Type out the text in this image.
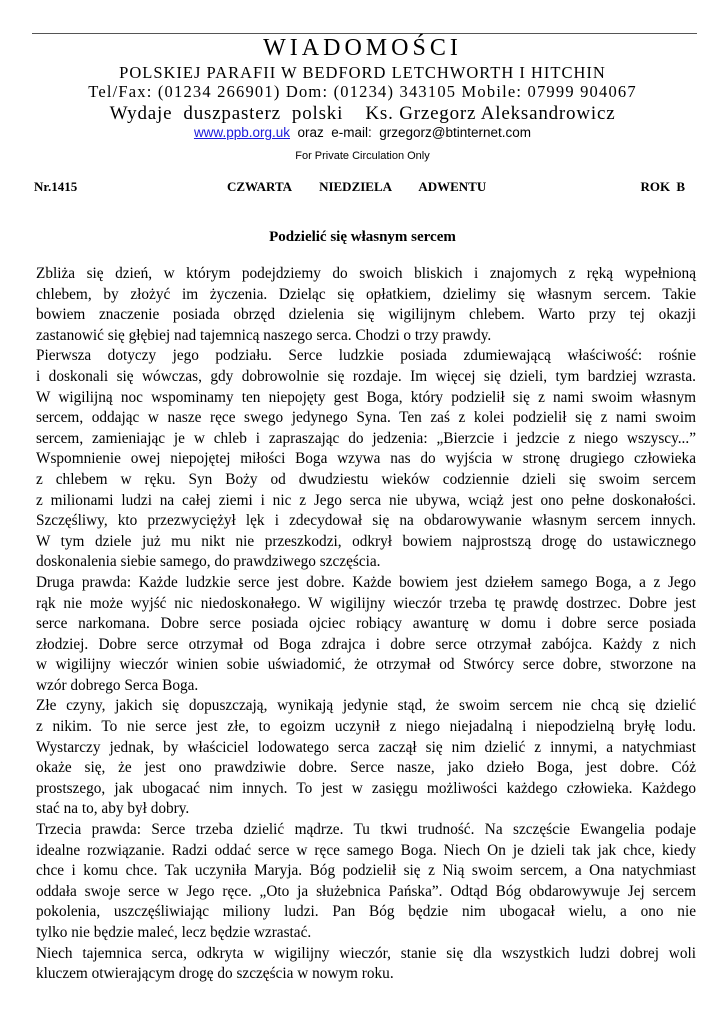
WIADOMOŚCI
POLSKIEJ PARAFII W BEDFORD LETCHWORTH I HITCHIN
Tel/Fax: (01234 266901) Dom: (01234) 343105 Mobile: 07999 904067
Wydaje  duszpasterz  polski    Ks. Grzegorz Aleksandrowicz
www.ppb.org.uk  oraz  e-mail:  grzegorz@btinternet.com
For Private Circulation Only
Nr.1415	CZWARTA   NIEDZIELA   ADWENTU	ROK B
Podzielić się własnym sercem
Zbliża się dzień, w którym podejdziemy do swoich bliskich i znajomych z ręką wypełnioną
chlebem, by złożyć im życzenia. Dzieląc się opłatkiem, dzielimy się własnym sercem. Takie
bowiem znaczenie posiada obrzęd dzielenia się wigilijnym chlebem. Warto przy tej okazji
zastanowić się głębiej nad tajemnicą naszego serca. Chodzi o trzy prawdy.
Pierwsza dotyczy jego podziału. Serce ludzkie posiada zdumiewającą właściwość: rośnie
i doskonali się wówczas, gdy dobrowolnie się rozdaje. Im więcej się dzieli, tym bardziej wzrasta.
W wigilijną noc wspominamy ten niepojęty gest Boga, który podzielił się z nami swoim własnym
sercem, oddając w nasze ręce swego jedynego Syna. Ten zaś z kolei podzielił się z nami swoim
sercem, zamieniając je w chleb i zapraszając do jedzenia: „Bierzcie i jedzcie z niego wszyscy...”
Wspomnienie owej niepojętej miłości Boga wzywa nas do wyjścia w stronę drugiego człowieka
z chlebem w ręku. Syn Boży od dwudziestu wieków codziennie dzieli się swoim sercem
z milionami ludzi na całej ziemi i nic z Jego serca nie ubywa, wciąż jest ono pełne doskonałości.
Szczęśliwy, kto przezwyciężył lęk i zdecydował się na obdarowywanie własnym sercem innych.
W tym dziele już mu nikt nie przeszkodzi, odkrył bowiem najprostszą drogę do ustawicznego
doskonalenia siebie samego, do prawdziwego szczęścia.
Druga prawda: Każde ludzkie serce jest dobre. Każde bowiem jest dziełem samego Boga, a z Jego
rąk nie może wyjść nic niedoskonałego. W wigilijny wieczór trzeba tę prawdę dostrzec. Dobre jest
serce narkomana. Dobre serce posiada ojciec robiący awanturę w domu i dobre serce posiada
złodziej. Dobre serce otrzymał od Boga zdrajca i dobre serce otrzymał zabójca. Każdy z nich
w wigilijny wieczór winien sobie uświadomić, że otrzymał od Stwórcy serce dobre, stworzone na
wzór dobrego Serca Boga.
Złe czyny, jakich się dopuszczają, wynikają jedynie stąd, że swoim sercem nie chcą się dzielić
z nikim. To nie serce jest złe, to egoizm uczynił z niego niejadalną i niepodzielną bryłę lodu.
Wystarczy jednak, by właściciel lodowatego serca zaczął się nim dzielić z innymi, a natychmiast
okaże się, że jest ono prawdziwie dobre. Serce nasze, jako dzieło Boga, jest dobre. Cóż
prostszego, jak ubogacać nim innych. To jest w zasięgu możliwości każdego człowieka. Każdego
stać na to, aby był dobry.
Trzecia prawda: Serce trzeba dzielić mądrze. Tu tkwi trudność. Na szczęście Ewangelia podaje
idealne rozwiązanie. Radzi oddać serce w ręce samego Boga. Niech On je dzieli tak jak chce, kiedy
chce i komu chce. Tak uczyniła Maryja. Bóg podzielił się z Nią swoim sercem, a Ona natychmiast
oddała swoje serce w Jego ręce. „Oto ja służebnica Pańska”. Odtąd Bóg obdarowywuje Jej sercem
pokolenia, uszczęśliwiając miliony ludzi. Pan Bóg będzie nim ubogacał wielu, a ono nie
tylko nie będzie maleć, lecz będzie wzrastać.
Niech tajemnica serca, odkryta w wigilijny wieczór, stanie się dla wszystkich ludzi dobrej woli
kluczem otwierającym drogę do szczęścia w nowym roku.
